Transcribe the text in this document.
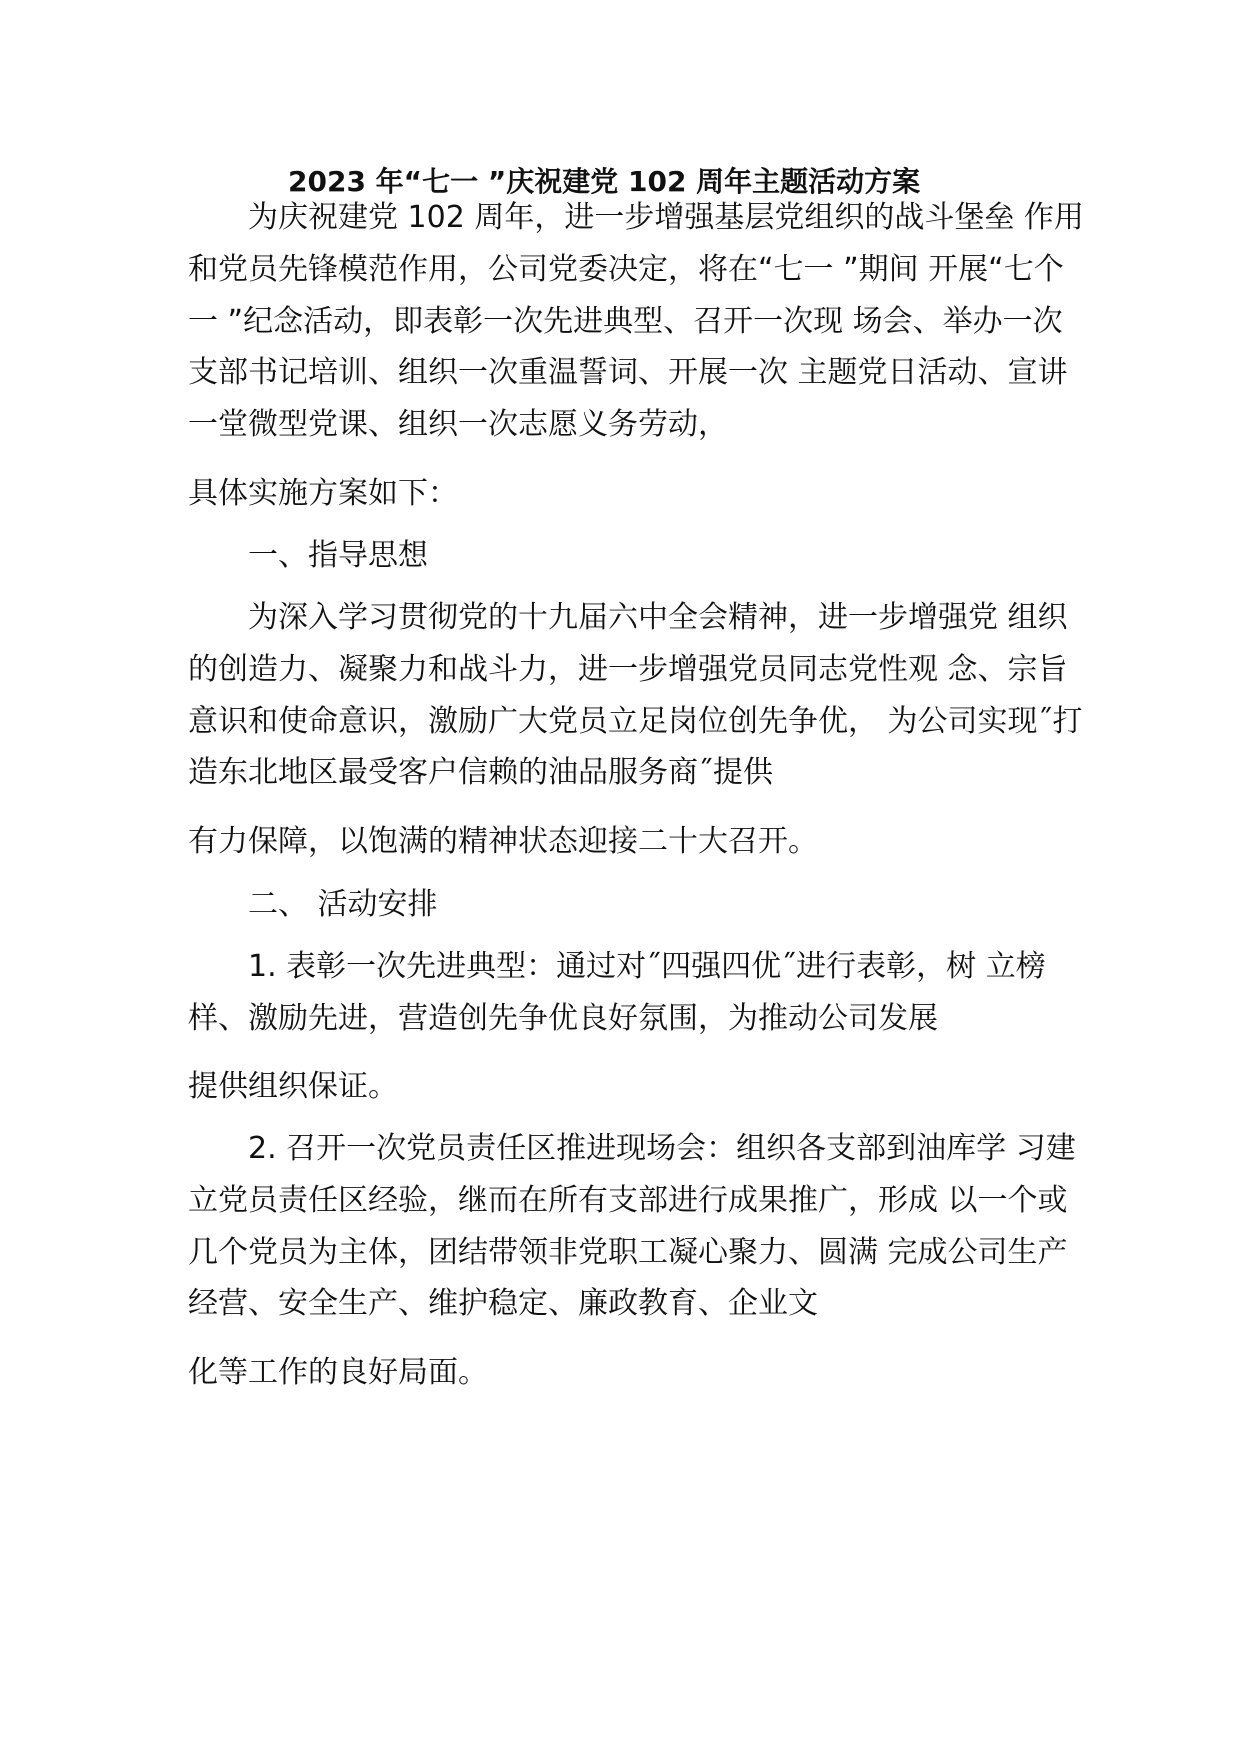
2023 年“七一 ”庆祝建党 102 周年主题活动方案

为庆祝建党 102 周年，进一步增强基层党组织的战斗堡垒 作用

和党员先锋模范作用，公司党委决定，将在“七一 ”期间 开展“七个

一 ”纪念活动，即表彰一次先进典型、召开一次现 场会、举办一次

支部书记培训、组织一次重温誓词、开展一次 主题党日活动、宣讲

一堂微型党课、组织一次志愿义务劳动，

具体实施方案如下：

一、指导思想

为深入学习贯彻党的十九届六中全会精神，进一步增强党 组织

的创造力、凝聚力和战斗力，进一步增强党员同志党性观 念、宗旨

意识和使命意识，激励广大党员立足岗位创先争优， 为公司实现˝打

造东北地区最受客户信赖的油品服务商˝提供

有力保障，以饱满的精神状态迎接二十大召开。

二、 活动安排

1. 表彰一次先进典型：通过对˝四强四优˝进行表彰，树 立榜

样、激励先进，营造创先争优良好氛围，为推动公司发展

提供组织保证。

2. 召开一次党员责任区推进现场会：组织各支部到油库学 习建

立党员责任区经验，继而在所有支部进行成果推广，形成 以一个或

几个党员为主体，团结带领非党职工凝心聚力、圆满 完成公司生产

经营、安全生产、维护稳定、廉政教育、企业文

化等工作的良好局面。
